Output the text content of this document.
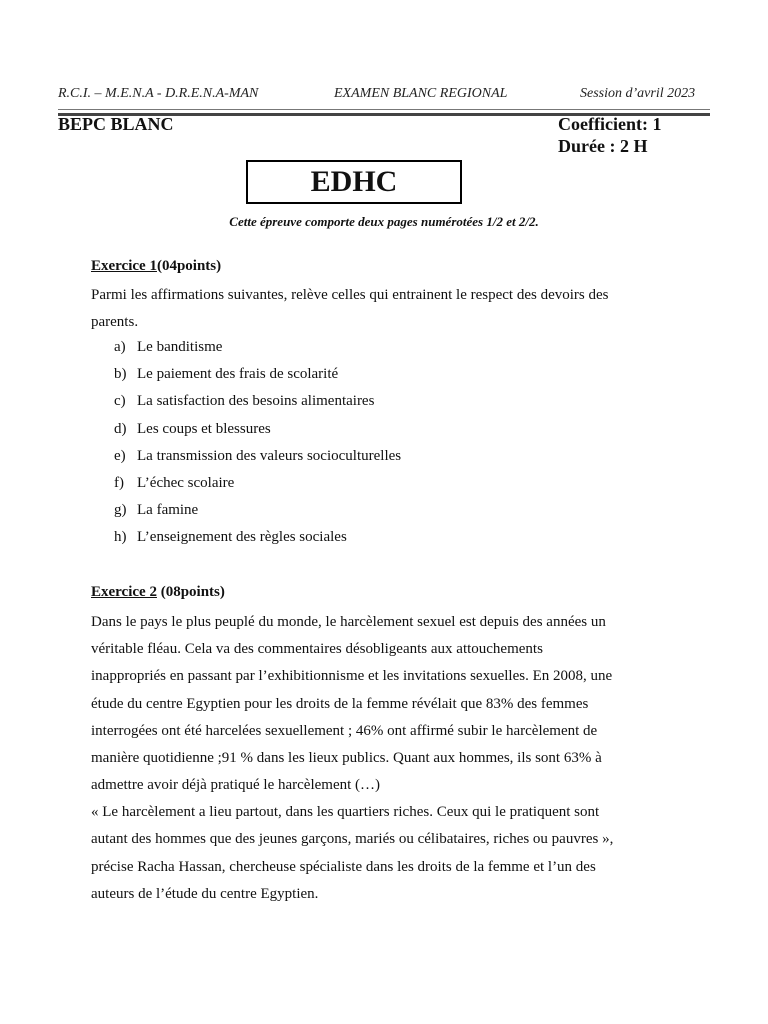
R.C.I. – M.E.N.A - D.R.E.N.A-MAN	EXAMEN BLANC REGIONAL	Session d’avril 2023
BEPC BLANC	Coefficient: 1
Durée : 2 H
EDHC
Cette épreuve comporte deux pages numérotées 1/2 et 2/2.
Exercice 1(04points)
Parmi les affirmations suivantes, relève celles qui entrainent le respect des devoirs des
parents.
a) Le banditisme
b) Le paiement des frais de scolarité
c) La satisfaction des besoins alimentaires
d) Les coups et blessures
e) La transmission des valeurs socioculturelles
f) L’échec scolaire
g) La famine
h) L’enseignement des règles sociales
Exercice 2 (08points)
Dans le pays le plus peuplé du monde, le harcèlement sexuel est depuis des années un
véritable fléau. Cela va des commentaires désobligeants aux attouchements
inappropriés en passant par l’exhibitionnisme et les invitations sexuelles. En 2008, une
étude du centre Egyptien pour les droits de la femme révélait que 83% des femmes
interrogées ont été harcelées sexuellement ; 46% ont affirmé subir le harcèlement de
manière quotidienne ;91 % dans les lieux publics. Quant aux hommes, ils sont 63% à
admettre avoir déjà pratiqué le harcèlement (…)
« Le harcèlement a lieu partout, dans les quartiers riches. Ceux qui le pratiquent sont
autant des hommes que des jeunes garçons, mariés ou célibataires, riches ou pauvres »,
précise Racha Hassan, chercheuse spécialiste dans les droits de la femme et l’un des
auteurs de l’étude du centre Egyptien.
